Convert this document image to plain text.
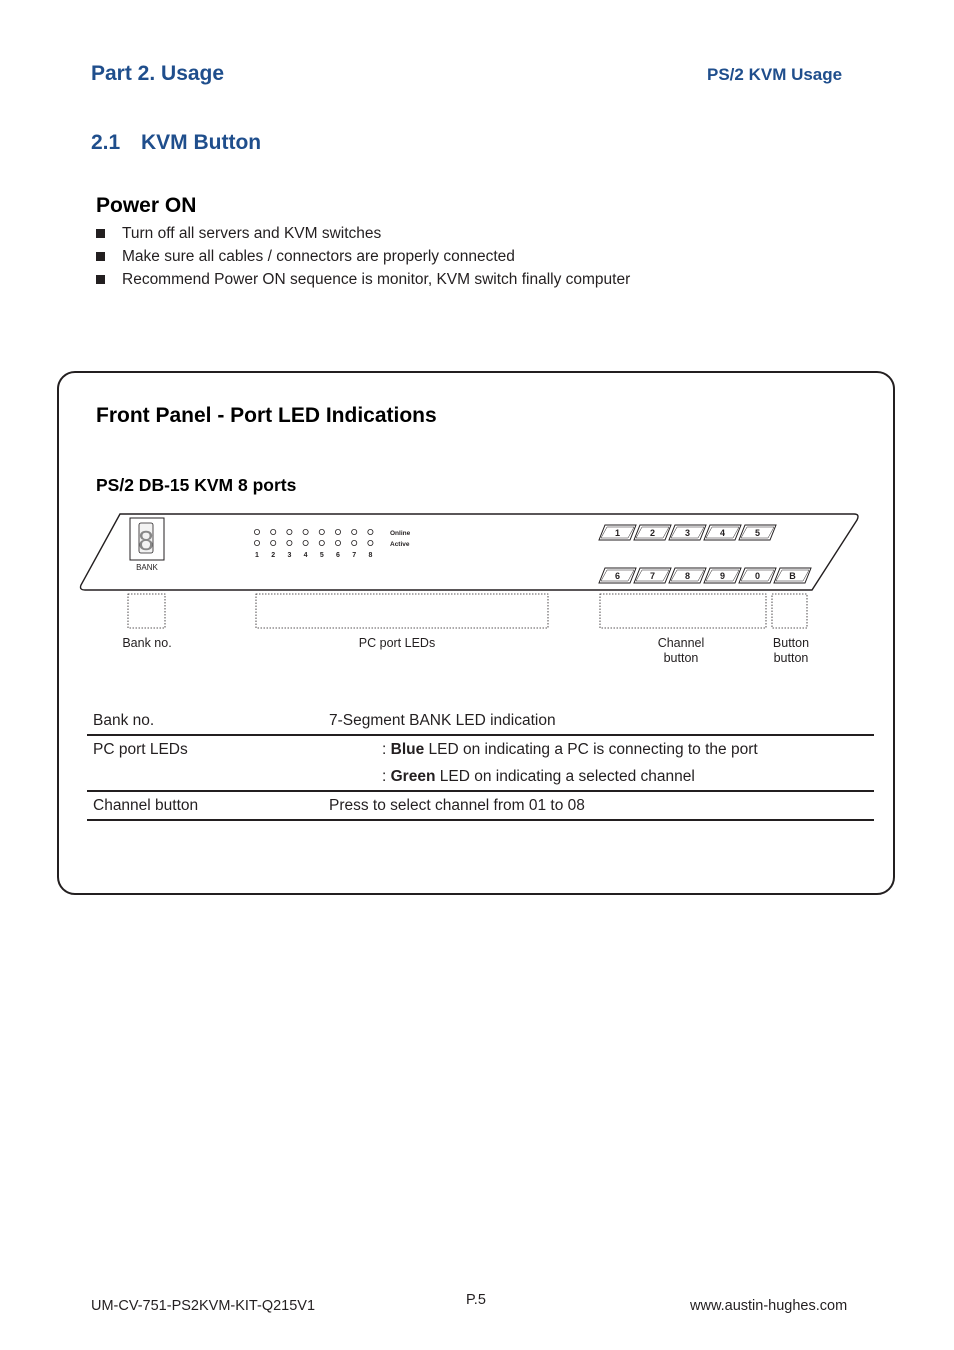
Part 2. Usage	PS/2 KVM Usage
2.1 KVM Button
Power ON
Turn off all servers and KVM switches
Make sure all cables / connectors are properly connected
Recommend Power ON sequence is monitor, KVM switch finally computer
Front Panel - Port LED Indications
PS/2 DB-15 KVM 8 ports
8
BANK
1 2 3 4 5 6 7 8
Online
Active
1	2	3	4	5
6	7	8	9	0	B
Bank no.	PC port LEDs	Channel
button
Button
button
Bank no.	7-Segment BANK LED indication
PC port LEDs	: Blue LED on indicating a PC is connecting to the port
	: Green LED on indicating a selected channel
Channel button	Press to select channel from 01 to 08
UM-CV-751-PS2KVM-KIT-Q215V1	P.5	www.austin-hughes.com
